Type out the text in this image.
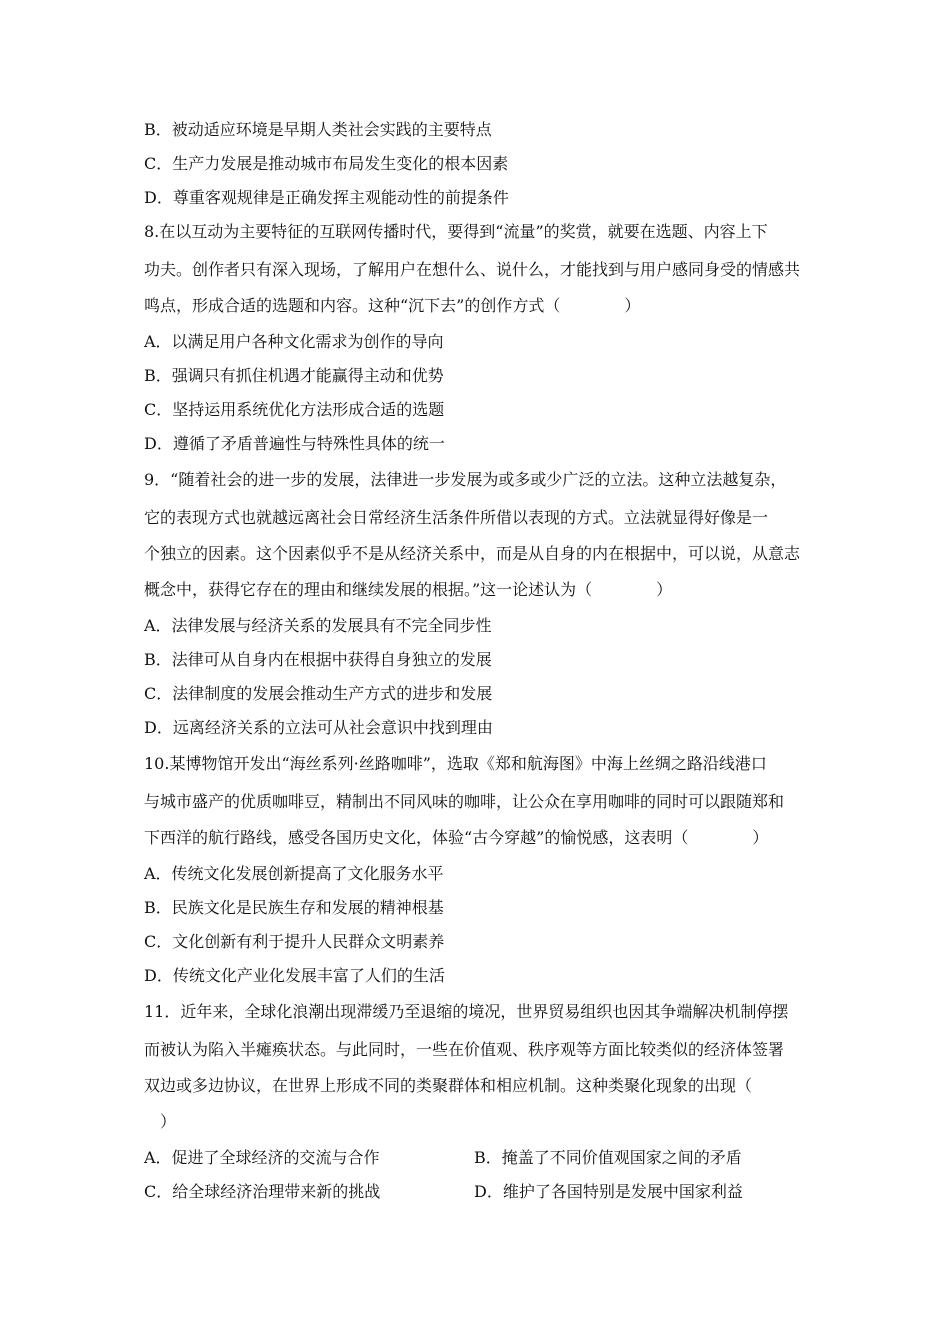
B．被动适应环境是早期人类社会实践的主要特点
C．生产力发展是推动城市布局发生变化的根本因素
D．尊重客观规律是正确发挥主观能动性的前提条件
8.在以互动为主要特征的互联网传播时代，要得到“流量”的奖赏，就要在选题、内容上下
功夫。创作者只有深入现场，了解用户在想什么、说什么，才能找到与用户感同身受的情感共
鸣点，形成合适的选题和内容。这种“沉下去”的创作方式（　　　　）
A．以满足用户各种文化需求为创作的导向
B．强调只有抓住机遇才能赢得主动和优势
C．坚持运用系统优化方法形成合适的选题
D．遵循了矛盾普遍性与特殊性具体的统一
9．“随着社会的进一步的发展，法律进一步发展为或多或少广泛的立法。这种立法越复杂，
它的表现方式也就越远离社会日常经济生活条件所借以表现的方式。立法就显得好像是一
个独立的因素。这个因素似乎不是从经济关系中，而是从自身的内在根据中，可以说，从意志
概念中，获得它存在的理由和继续发展的根据。”这一论述认为（　　　　）
A．法律发展与经济关系的发展具有不完全同步性
B．法律可从自身内在根据中获得自身独立的发展
C．法律制度的发展会推动生产方式的进步和发展
D．远离经济关系的立法可从社会意识中找到理由
10.某博物馆开发出“海丝系列·丝路咖啡”，选取《郑和航海图》中海上丝绸之路沿线港口
与城市盛产的优质咖啡豆，精制出不同风味的咖啡，让公众在享用咖啡的同时可以跟随郑和
下西洋的航行路线，感受各国历史文化，体验“古今穿越”的愉悦感，这表明（　　　　）
A．传统文化发展创新提高了文化服务水平
B．民族文化是民族生存和发展的精神根基
C．文化创新有利于提升人民群众文明素养
D．传统文化产业化发展丰富了人们的生活
11．近年来，全球化浪潮出现滞缓乃至退缩的境况，世界贸易组织也因其争端解决机制停摆
而被认为陷入半瘫痪状态。与此同时，一些在价值观、秩序观等方面比较类似的经济体签署
双边或多边协议，在世界上形成不同的类聚群体和相应机制。这种类聚化现象的出现（
）
A．促进了全球经济的交流与合作	B．掩盖了不同价值观国家之间的矛盾
C．给全球经济治理带来新的挑战	D．维护了各国特别是发展中国家利益
